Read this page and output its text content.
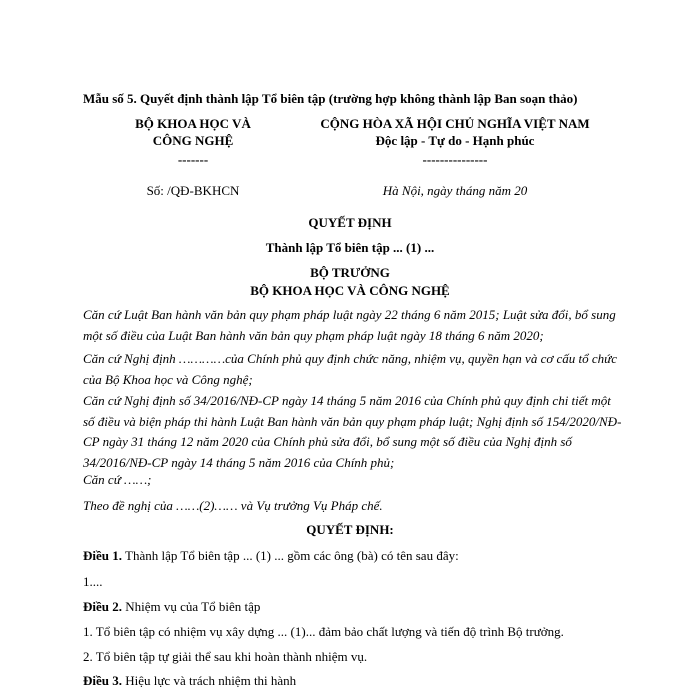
Mẫu số 5. Quyết định thành lập Tổ biên tập (trường hợp không thành lập Ban soạn thảo)
BỘ KHOA HỌC VÀ
CÔNG NGHỆ
-------
Số: /QĐ-BKHCN
CỘNG HÒA XÃ HỘI CHỦ NGHĨA VIỆT NAM
Độc lập - Tự do - Hạnh phúc
---------------
Hà Nội, ngày tháng năm 20
QUYẾT ĐỊNH
Thành lập Tổ biên tập ... (1) ...
BỘ TRƯỞNG
BỘ KHOA HỌC VÀ CÔNG NGHỆ
Căn cứ Luật Ban hành văn bản quy phạm pháp luật ngày 22 tháng 6 năm 2015; Luật sửa đổi, bổ sung một số điều của Luật Ban hành văn bản quy phạm pháp luật ngày 18 tháng 6 năm 2020;
Căn cứ Nghị định …………của Chính phủ quy định chức năng, nhiệm vụ, quyền hạn và cơ cấu tổ chức của Bộ Khoa học và Công nghệ;
Căn cứ Nghị định số 34/2016/NĐ-CP ngày 14 tháng 5 năm 2016 của Chính phủ quy định chi tiết một số điều và biện pháp thi hành Luật Ban hành văn bản quy phạm pháp luật; Nghị định số 154/2020/NĐ-CP ngày 31 tháng 12 năm 2020 của Chính phủ sửa đổi, bổ sung một số điều của Nghị định số 34/2016/NĐ-CP ngày 14 tháng 5 năm 2016 của Chính phủ;
Căn cứ ……;
Theo đề nghị của ……(2)…… và Vụ trưởng Vụ Pháp chế.
QUYẾT ĐỊNH:
Điều 1. Thành lập Tổ biên tập ... (1) ... gồm các ông (bà) có tên sau đây:
1....
Điều 2. Nhiệm vụ của Tổ biên tập
1. Tổ biên tập có nhiệm vụ xây dựng ... (1)... đảm bảo chất lượng và tiến độ trình Bộ trưởng.
2. Tổ biên tập tự giải thể sau khi hoàn thành nhiệm vụ.
Điều 3. Hiệu lực và trách nhiệm thi hành
